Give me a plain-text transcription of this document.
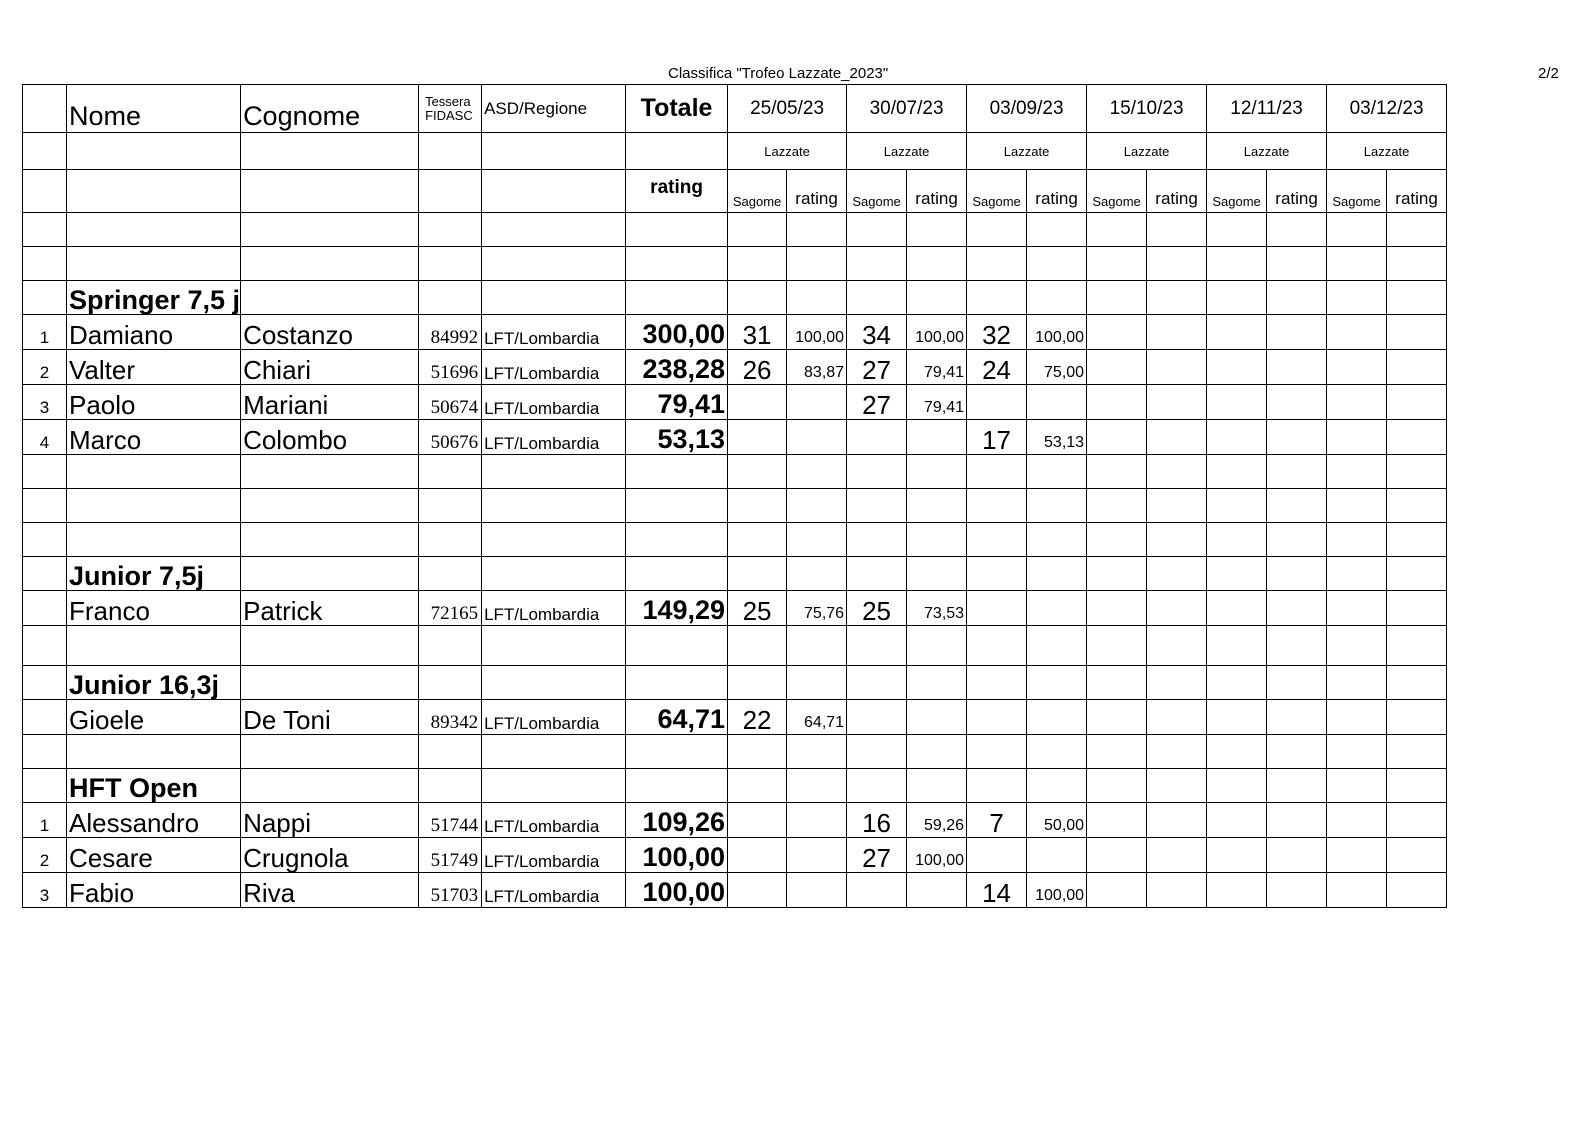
Classifica "Trofeo Lazzate_2023"	2/2
	Nome	Cognome	Tessera
FIDASC	ASD/Regione	Totale	25/05/23		30/07/23		03/09/23		15/10/23		12/11/23		03/12/23	
						Lazzate		Lazzate		Lazzate		Lazzate		Lazzate		Lazzate	
					rating	Sagome	rating	Sagome	rating	Sagome	rating	Sagome	rating	Sagome	rating	Sagome	rating

	Springer 7,5 j																
1	Damiano	Costanzo	84992	LFT/Lombardia	300,00	31	100,00	34	100,00	32	100,00						
2	Valter	Chiari	51696	LFT/Lombardia	238,28	26	83,87	27	79,41	24	75,00						
3	Paolo	Mariani	50674	LFT/Lombardia	79,41			27	79,41								
4	Marco	Colombo	50676	LFT/Lombardia	53,13					17	53,13						

	Junior 7,5j																
	Franco	Patrick	72165	LFT/Lombardia	149,29	25	75,76	25	73,53								

	Junior 16,3j																
	Gioele	De Toni	89342	LFT/Lombardia	64,71	22	64,71										

	HFT Open																
1	Alessandro	Nappi	51744	LFT/Lombardia	109,26			16	59,26	7	50,00						
2	Cesare	Crugnola	51749	LFT/Lombardia	100,00			27	100,00								
3	Fabio	Riva	51703	LFT/Lombardia	100,00					14	100,00						
